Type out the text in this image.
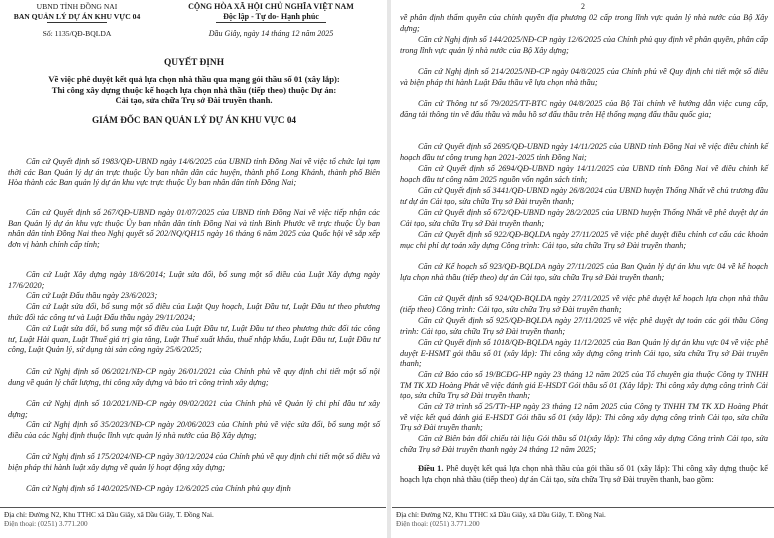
UBND TỈNH ĐỒNG NAI
BAN QUẢN LÝ DỰ ÁN KHU VỰC 04
Số: 1135/QĐ-BQLDA
CỘNG HÒA XÃ HỘI CHỦ NGHĨA VIỆT NAM
Độc lập - Tự do- Hạnh phúc
Dầu Giây, ngày 14 tháng 12 năm 2025
QUYẾT ĐỊNH
Về việc phê duyệt kết quả lựa chọn nhà thầu qua mạng gói thầu số 01 (xây lắp):
Thi công xây dựng thuộc kế hoạch lựa chọn nhà thầu (tiếp theo) thuộc Dự án:
Cải tạo, sửa chữa Trụ sở Đài truyền thanh.
GIÁM ĐỐC BAN QUẢN LÝ DỰ ÁN KHU VỰC 04
Căn cứ Quyết định số 1983/QĐ-UBND ngày 14/6/2025 của UBND tỉnh Đồng Nai về việc tổ chức lại tạm thời các Ban Quản lý dự án trực thuộc Ủy ban nhân dân các huyện, thành phố Long Khánh, thành phố Biên Hòa thành các Ban quản lý dự án khu vực trực thuộc Ủy ban nhân dân tỉnh Đồng Nai;
Căn cứ Quyết định số 267/QĐ-UBND ngày 01/07/2025 của UBND tỉnh Đồng Nai về việc tiếp nhận các Ban Quản lý dự án khu vực thuộc Ủy ban nhân dân tỉnh Đồng Nai và tỉnh Bình Phước về trực thuộc Ủy ban nhân dân tỉnh Đồng Nai theo Nghị quyết số 202/NQ/QH15 ngày 16 tháng 6 năm 2025 của Quốc hội về sắp xếp đơn vị hành chính cấp tỉnh;
Căn cứ Luật Xây dựng ngày 18/6/2014; Luật sửa đổi, bổ sung một số điều của Luật Xây dựng ngày 17/6/2020;
Căn cứ Luật Đấu thầu ngày 23/6/2023;
Căn cứ Luật sửa đổi, bổ sung một số điều của Luật Quy hoạch, Luật Đầu tư, Luật Đầu tư theo phương thức đối tác công tư và Luật Đấu thầu ngày 29/11/2024;
Căn cứ Luật sửa đổi, bổ sung một số điều của Luật Đầu tư, Luật Đầu tư theo phương thức đối tác công tư, Luật Hải quan, Luật Thuế giá trị gia tăng, Luật Thuế xuất khẩu, thuế nhập khẩu, Luật Đầu tư, Luật Đầu tư công, Luật Quản lý, sử dụng tài sản công ngày 25/6/2025;
Căn cứ Nghị định số 06/2021/NĐ-CP ngày 26/01/2021 của Chính phủ về quy định chi tiết một số nội dung về quản lý chất lượng, thi công xây dựng và bảo trì công trình xây dựng;
Căn cứ Nghị định số 10/2021/NĐ-CP ngày 09/02/2021 của Chính phủ về Quản lý chi phí đầu tư xây dựng;
Căn cứ Nghị định số 35/2023/NĐ-CP ngày 20/06/2023 của Chính phủ về việc sửa đổi, bổ sung một số điều của các Nghị định thuộc lĩnh vực quản lý nhà nước của Bộ Xây dựng;
Căn cứ Nghị định số 175/2024/NĐ-CP ngày 30/12/2024 của Chính phủ về quy định chi tiết một số điều và biện pháp thi hành luật xây dựng về quản lý hoạt động xây dựng;
Căn cứ Nghị định số 140/2025/NĐ-CP ngày 12/6/2025 của Chính phủ quy định
Địa chỉ: Đường N2, Khu TTHC xã Dầu Giây, xã Dầu Giây, T. Đồng Nai.
Điện thoại: (0251) 3.771.200
2
về phân định thẩm quyền của chính quyền địa phương 02 cấp trong lĩnh vực quản lý nhà nước của Bộ Xây dựng;
Căn cứ Nghị định số 144/2025/NĐ-CP ngày 12/6/2025 của Chính phủ quy định về phân quyền, phân cấp trong lĩnh vực quản lý nhà nước của Bộ Xây dựng;
Căn cứ Nghị định số 214/2025/NĐ-CP ngày 04/8/2025 của Chính phủ về Quy định chi tiết một số điều và biện pháp thi hành Luật Đấu thầu về lựa chọn nhà thầu;
Căn cứ Thông tư số 79/2025/TT-BTC ngày 04/8/2025 của Bộ Tài chính về hướng dẫn việc cung cấp, đăng tải thông tin về đấu thầu và mẫu hồ sơ đấu thầu trên Hệ thống mạng đấu thầu quốc gia;
Căn cứ Quyết định số 2695/QĐ-UBND ngày 14/11/2025 của UBND tỉnh Đồng Nai về việc điều chỉnh kế hoạch đầu tư công trung hạn 2021-2025 tỉnh Đồng Nai;
Căn cứ Quyết định số 2694/QĐ-UBND ngày 14/11/2025 của UBND tỉnh Đồng Nai về điều chỉnh kế hoạch đầu tư công năm 2025 nguồn vốn ngân sách tỉnh;
Căn cứ Quyết định số 3441/QĐ-UBND ngày 26/8/2024 của UBND huyện Thống Nhất về chủ trương đầu tư dự án Cải tạo, sửa chữa Trụ sở Đài truyền thanh;
Căn cứ Quyết định số 672/QĐ-UBND ngày 28/2/2025 của UBND huyện Thống Nhất về phê duyệt dự án Cải tạo, sửa chữa Trụ sở Đài truyền thanh;
Căn cứ Quyết định số 922/QĐ-BQLDA ngày 27/11/2025 về việc phê duyệt điều chỉnh cơ cấu các khoản mục chi phí dự toán xây dựng Công trình: Cải tạo, sửa chữa Trụ sở Đài truyền thanh;
Căn cứ Kế hoạch số 923/QĐ-BQLDA ngày 27/11/2025 của Ban Quản lý dự án khu vực 04 về kế hoạch lựa chọn nhà thầu (tiếp theo) dự án Cải tạo, sửa chữa Trụ sở Đài truyền thanh;
Căn cứ Quyết định số 924/QĐ-BQLDA ngày 27/11/2025 về việc phê duyệt kế hoạch lựa chọn nhà thầu (tiếp theo) Công trình: Cải tạo, sửa chữa Trụ sở Đài truyền thanh;
Căn cứ Quyết định số 925/QĐ-BQLDA ngày 27/11/2025 về việc phê duyệt dự toán các gói thầu Công trình: Cải tạo, sửa chữa Trụ sở Đài truyền thanh;
Căn cứ Quyết định số 1018/QĐ-BQLDA ngày 11/12/2025 của Ban Quản lý dự án khu vực 04 về việc phê duyệt E-HSMT gói thầu số 01 (xây lắp): Thi công xây dựng công trình Cải tạo, sửa chữa Trụ sở Đài truyền thanh;
Căn cứ Báo cáo số 19/BCĐG-HP ngày 23 tháng 12 năm 2025 của Tổ chuyên gia thuộc Công ty TNHH TM TK XD Hoàng Phát về việc đánh giá E-HSDT Gói thầu số 01 (Xây lắp): Thi công xây dựng công trình Cải tạo, sửa chữa Trụ sở Đài truyền thanh;
Căn cứ Tờ trình số 25/TTr-HP ngày 23 tháng 12 năm 2025 của Công ty TNHH TM TK XD Hoàng Phát về việc kết quả đánh giá E-HSDT Gói thầu số 01 (xây lắp): Thi công xây dựng công trình Cải tạo, sửa chữa Trụ sở Đài truyền thanh;
Căn cứ Biên bản đối chiếu tài liệu Gói thầu số 01(xây lắp): Thi công xây dựng Công trình Cải tạo, sửa chữa Trụ sở Đài truyền thanh ngày 24 tháng 12 năm 2025;
Điều 1. Phê duyệt kết quả lựa chọn nhà thầu của gói thầu số 01 (xây lắp): Thi công xây dựng thuộc kế hoạch lựa chọn nhà thầu (tiếp theo) dự án Cải tạo, sửa chữa Trụ sở Đài truyền thanh, bao gồm:
Địa chỉ: Đường N2, Khu TTHC xã Dầu Giây, xã Dầu Giây, T. Đồng Nai.
Điện thoại: (0251) 3.771.200
